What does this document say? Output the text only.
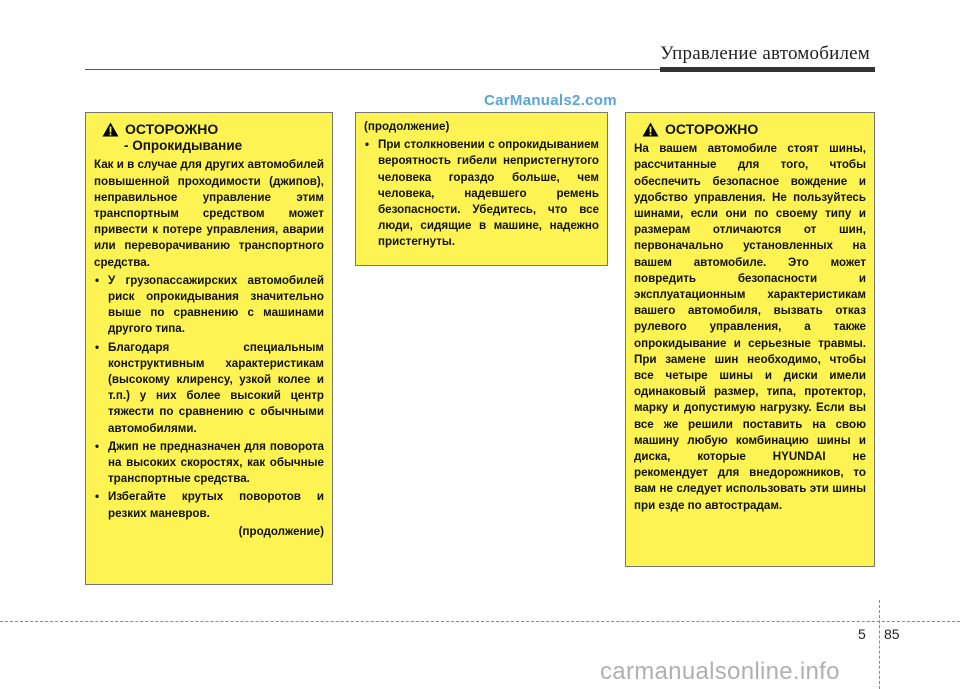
Управление автомобилем
CarManuals2.com
ОСТОРОЖНО
- Опрокидывание
Как и в случае для других автомобилей повышенной проходимости (джипов), неправильное управление этим транспортным средством может привести к потере управления, аварии или переворачиванию транспортного средства.
• У грузопассажирских автомобилей риск опрокидывания значительно выше по сравнению с машинами другого типа.
• Благодаря специальным конструктивным характеристикам (высокому клиренсу, узкой колее и т.п.) у них более высокий центр тяжести по сравнению с обычными автомобилями.
• Джип не предназначен для поворота на высоких скоростях, как обычные транспортные средства.
• Избегайте крутых поворотов и резких маневров.
(продолжение)
(продолжение)
• При столкновении с опрокидыванием вероятность гибели непристегнутого человека гораздо больше, чем человека, надевшего ремень безопасности. Убедитесь, что все люди, сидящие в машине, надежно пристегнуты.
ОСТОРОЖНО
На вашем автомобиле стоят шины, рассчитанные для того, чтобы обеспечить безопасное вождение и удобство управления. Не пользуйтесь шинами, если они по своему типу и размерам отличаются от шин, первоначально установленных на вашем автомобиле. Это может повредить безопасности и эксплуатационным характеристикам вашего автомобиля, вызвать отказ рулевого управления, а также опрокидывание и серьезные травмы. При замене шин необходимо, чтобы все четыре шины и диски имели одинаковый размер, типа, протектор, марку и допустимую нагрузку. Если вы все же решили поставить на свою машину любую комбинацию шины и диска, которые HYUNDAI не рекомендует для внедорожников, то вам не следует использовать эти шины при езде по автострадам.
5 85
carmanualsonline.info
